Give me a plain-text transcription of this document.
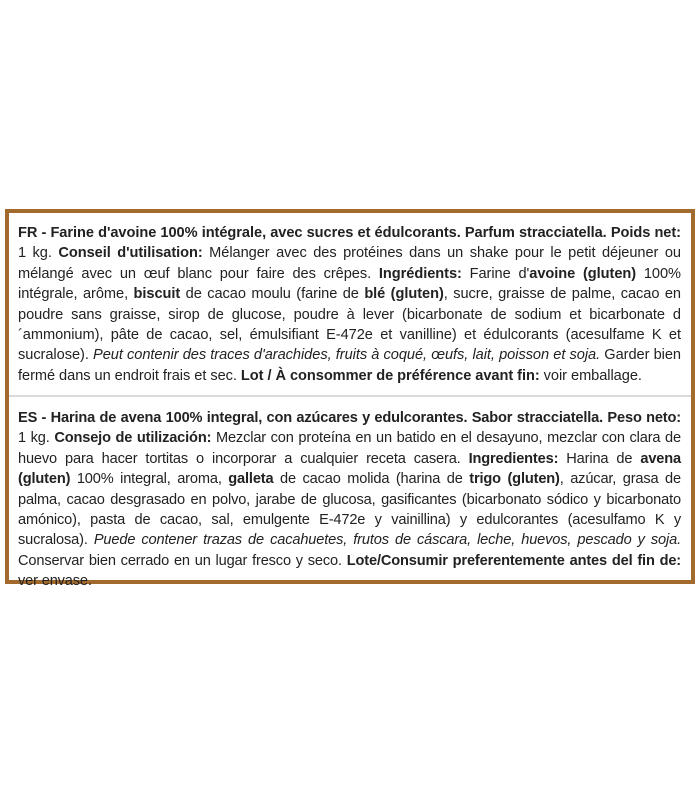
FR - Farine d'avoine 100% intégrale, avec sucres et édulcorants. Parfum stracciatella. Poids net: 1 kg. Conseil d'utilisation: Mélanger avec des protéines dans un shake pour le petit déjeuner ou mélangé avec un œuf blanc pour faire des crêpes. Ingrédients: Farine d'avoine (gluten) 100% intégrale, arôme, biscuit de cacao moulu (farine de blé (gluten), sucre, graisse de palme, cacao en poudre sans graisse, sirop de glucose, poudre à lever (bicarbonate de sodium et bicarbonate d´ammonium), pâte de cacao, sel, émulsifiant E-472e et vanilline) et édulcorants (acesulfame K et sucralose). Peut contenir des traces d'arachides, fruits à coqué, œufs, lait, poisson et soja. Garder bien fermé dans un endroit frais et sec. Lot / À consommer de préférence avant fin: voir emballage.
ES - Harina de avena 100% integral, con azúcares y edulcorantes. Sabor stracciatella. Peso neto: 1 kg. Consejo de utilización: Mezclar con proteína en un batido en el desayuno, mezclar con clara de huevo para hacer tortitas o incorporar a cualquier receta casera. Ingredientes: Harina de avena (gluten) 100% integral, aroma, galleta de cacao molida (harina de trigo (gluten), azúcar, grasa de palma, cacao desgrasado en polvo, jarabe de glucosa, gasificantes (bicarbonato sódico y bicarbonato amónico), pasta de cacao, sal, emulgente E-472e y vainillina) y edulcorantes (acesulfamo K y sucralosa). Puede contener trazas de cacahuetes, frutos de cáscara, leche, huevos, pescado y soja. Conservar bien cerrado en un lugar fresco y seco. Lote/Consumir preferentemente antes del fin de: ver envase.
